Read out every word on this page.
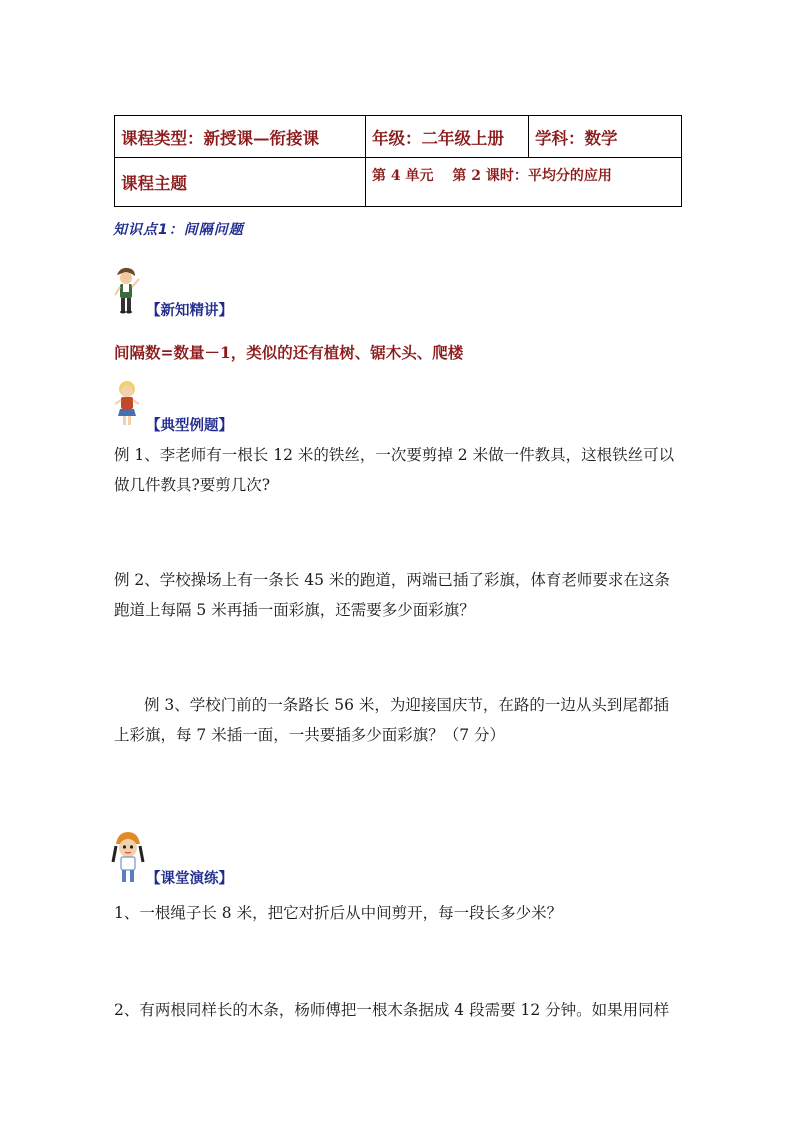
课程类型：新授课—衔接课	年级：二年级上册	学科：数学
课程主题	第 4 单元　 第 2 课时：平均分的应用	
知识点1：间隔问题
【新知精讲】
间隔数=数量－1，类似的还有植树、锯木头、爬楼
【典型例题】
例 1、李老师有一根长 12 米的铁丝，一次要剪掉 2 米做一件教具，这根铁丝可以
做几件教具?要剪几次?
例 2、学校操场上有一条长 45 米的跑道，两端已插了彩旗，体育老师要求在这条
跑道上每隔 5 米再插一面彩旗，还需要多少面彩旗？
例 3、学校门前的一条路长 56 米，为迎接国庆节，在路的一边从头到尾都插
上彩旗，每 7 米插一面，一共要插多少面彩旗？（7 分）
【课堂演练】
1、一根绳子长 8 米，把它对折后从中间剪开，每一段长多少米？
2、有两根同样长的木条，杨师傅把一根木条据成 4 段需要 12 分钟。如果用同样
